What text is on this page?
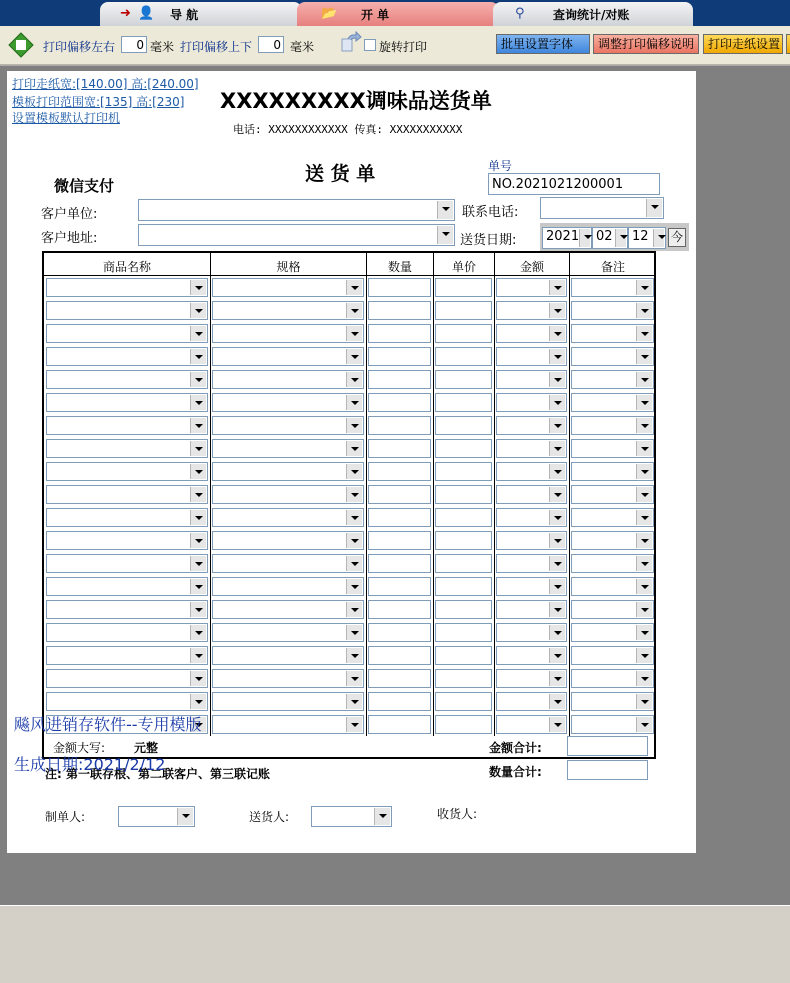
➜ 👤 导 航	📂 开 单	⚲ 查询统计/对账
打印偏移左右	0 毫米 打印偏移上下	0 毫米	旋转打印	批里设置字体	调整打印偏移说明	打印走纸设置
打印走纸宽:[140.00] 高:[240.00]
模板打印范围宽:[135] 高:[230]
设置模板默认打印机
XXXXXXXXX调味品送货单
电话: XXXXXXXXXXXX 传真: XXXXXXXXXXX
送 货 单
微信支付
单号
NO.2021021200001
客户单位:	联系电话:
客户地址:	送货日期: 2021 02 12 今
商品名称	规格	数量	单价	金额	备注
金额大写: 元整	金额合计:
注: 第一联存根、第二联客户、第三联记账	数量合计:
制单人:	送货人:	收货人:
飚风进销存软件--专用模版
生成日期:2021/2/12
